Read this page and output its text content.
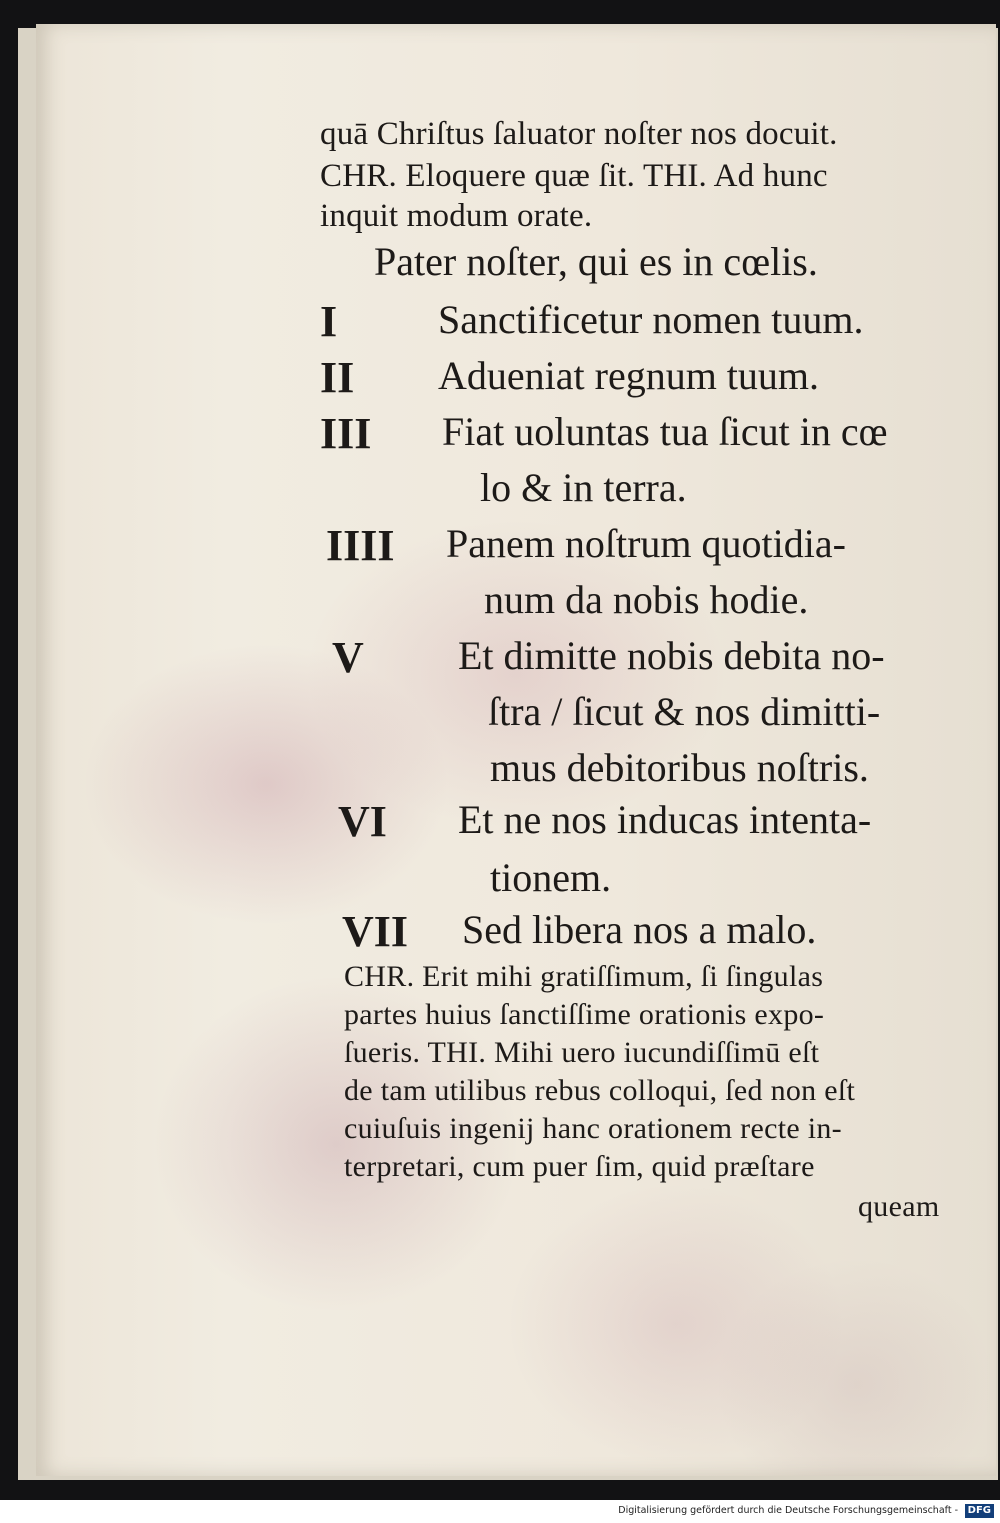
quā Chriſtus ſaluator noſter nos docuit.
CHR. Eloquere quæ ſit. THI. Ad hunc
inquit modum orate.
Pater noſter, qui es in cœlis.
I	Sanctificetur nomen tuum.
II Adueniat regnum tuum.
III Fiat uoluntas tua ſicut in cœ
lo & in terra.
IIII Panem noſtrum quotidia-
num da nobis hodie.
V Et dimitte nobis debita no-
ſtra / ſicut & nos dimitti-
mus debitoribus noſtris.
VI Et ne nos inducas intenta-
tionem.
VII Sed libera nos a malo.
CHR. Erit mihi gratiſſimum, ſi ſingulas
partes huius ſanctiſſime orationis expo-
ſueris. THI. Mihi uero iucundiſſimū eſt
de tam utilibus rebus colloqui, ſed non eſt
cuiuſuis ingenij hanc orationem recte in-
terpretari, cum puer ſim, quid præſtare
queam
Digitalisierung gefördert durch die Deutsche Forschungsgemeinschaft - DFG
